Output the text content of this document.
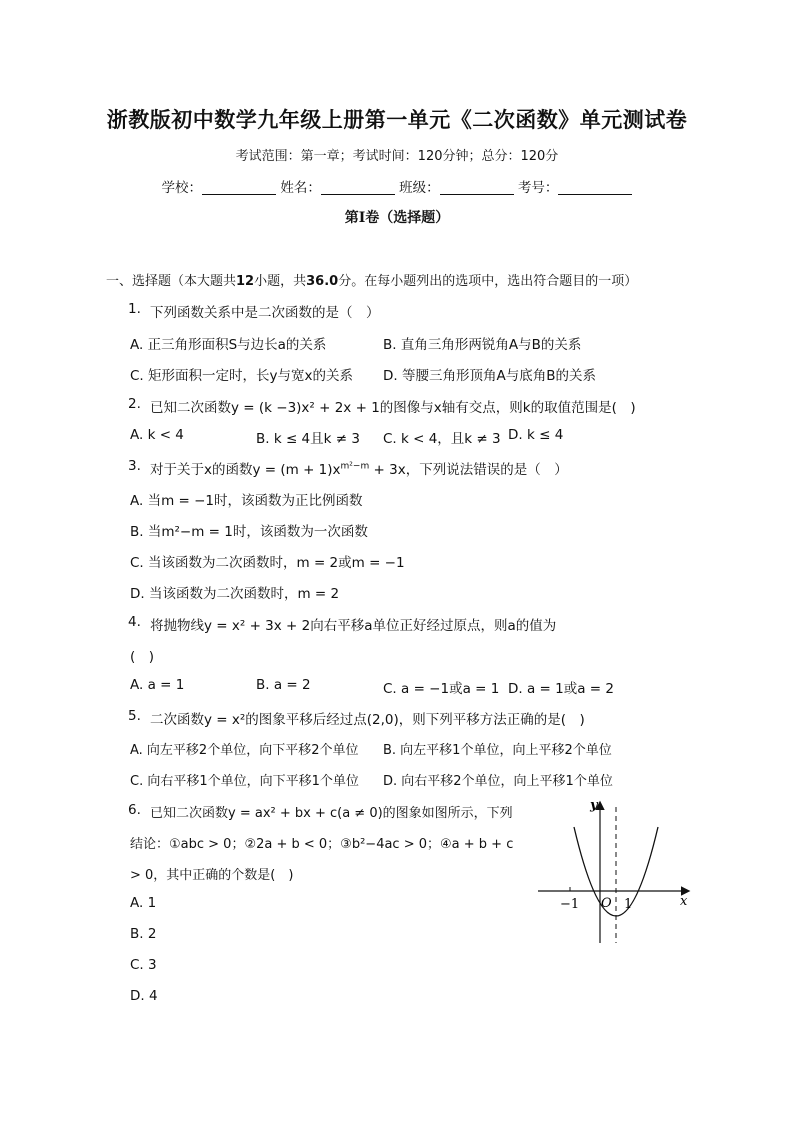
浙教版初中数学九年级上册第一单元《二次函数》单元测试卷
考试范围：第一章；考试时间：120分钟；总分：120分
学校：	姓名：	班级：	考号：
第Ⅰ卷（选择题）
一、选择题（本大题共12小题，共36.0分。在每小题列出的选项中，选出符合题目的一项）
1. 下列函数关系中是二次函数的是（　）
A. 正三角形面积S与边长a的关系	B. 直角三角形两锐角A与B的关系
C. 矩形面积一定时，长y与宽x的关系 D. 等腰三角形顶角A与底角B的关系
2. 已知二次函数y = (k −3)x² + 2x + 1的图像与x轴有交点，则k的取值范围是(　)
A. k < 4	B. k ≤ 4且k ≠ 3 C. k < 4，且k ≠ 3 D. k ≤ 4
3. 对于关于x的函数$y = (m + 1)x^{m^2-m} + 3x$，下列说法错误的是（　）
A. 当m = −1时，该函数为正比例函数
B. 当m²−m = 1时，该函数为一次函数
C. 当该函数为二次函数时，m = 2或m = −1
D. 当该函数为二次函数时，m = 2
4. 将抛物线y = x² + 3x + 2向右平移a单位正好经过原点，则a的值为
(　)
A. a = 1	B. a = 2	C. a = −1或a = 1 D. a = 1或a = 2
5. 二次函数y = x²的图象平移后经过点(2,0)，则下列平移方法正确的是(　)
A. 向左平移2个单位，向下平移2个单位 B. 向左平移1个单位，向上平移2个单位
C. 向右平移1个单位，向下平移1个单位 D. 向右平移2个单位，向上平移1个单位
6. 已知二次函数y = ax² + bx + c(a ≠ 0)的图象如图所示，下列
结论：①abc > 0；②2a + b < 0；③b²−4ac > 0；④a + b + c
> 0，其中正确的个数是(　)
A. 1
B. 2
C. 3
D. 4
y
x
O
−1	1
